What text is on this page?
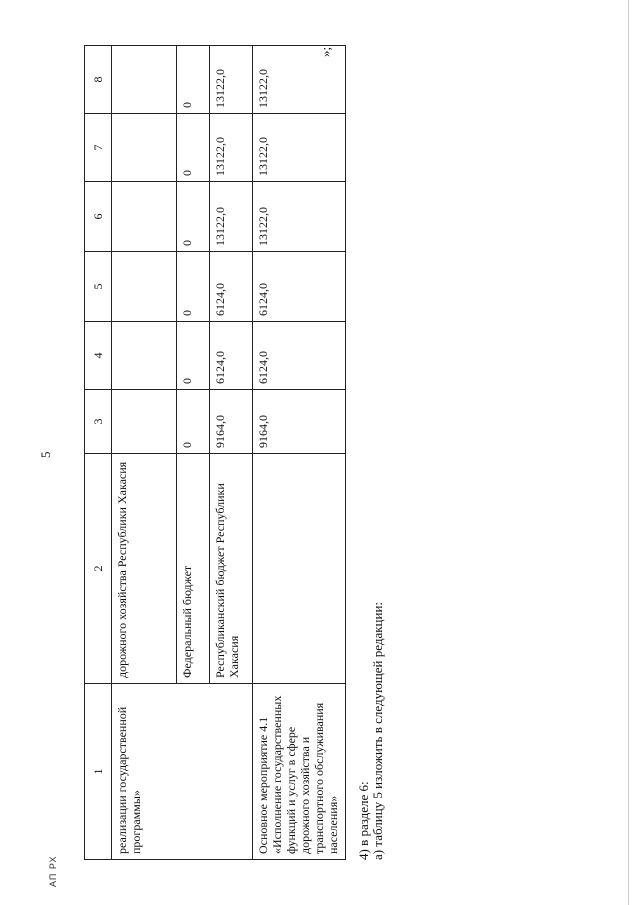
АП РХ
5
1	2	3	4	5	6	7	8
реализации государственной программы»	дорожного хозяйства Республики Хакасия						
	Федеральный бюджет	0	0	0	0	0	0
	Республиканский бюджет Республики Хакасия	9164,0	6124,0	6124,0	13122,0	13122,0	13122,0
Основное мероприятие 4.1 «Исполнение государственных функций и услуг в сфере дорожного хозяйства и транспортного обслуживания населения»		9164,0	6124,0	6124,0	13122,0	13122,0	13122,0
»;
4) в разделе 6: а) таблицу 5 изложить в следующей редакции:
